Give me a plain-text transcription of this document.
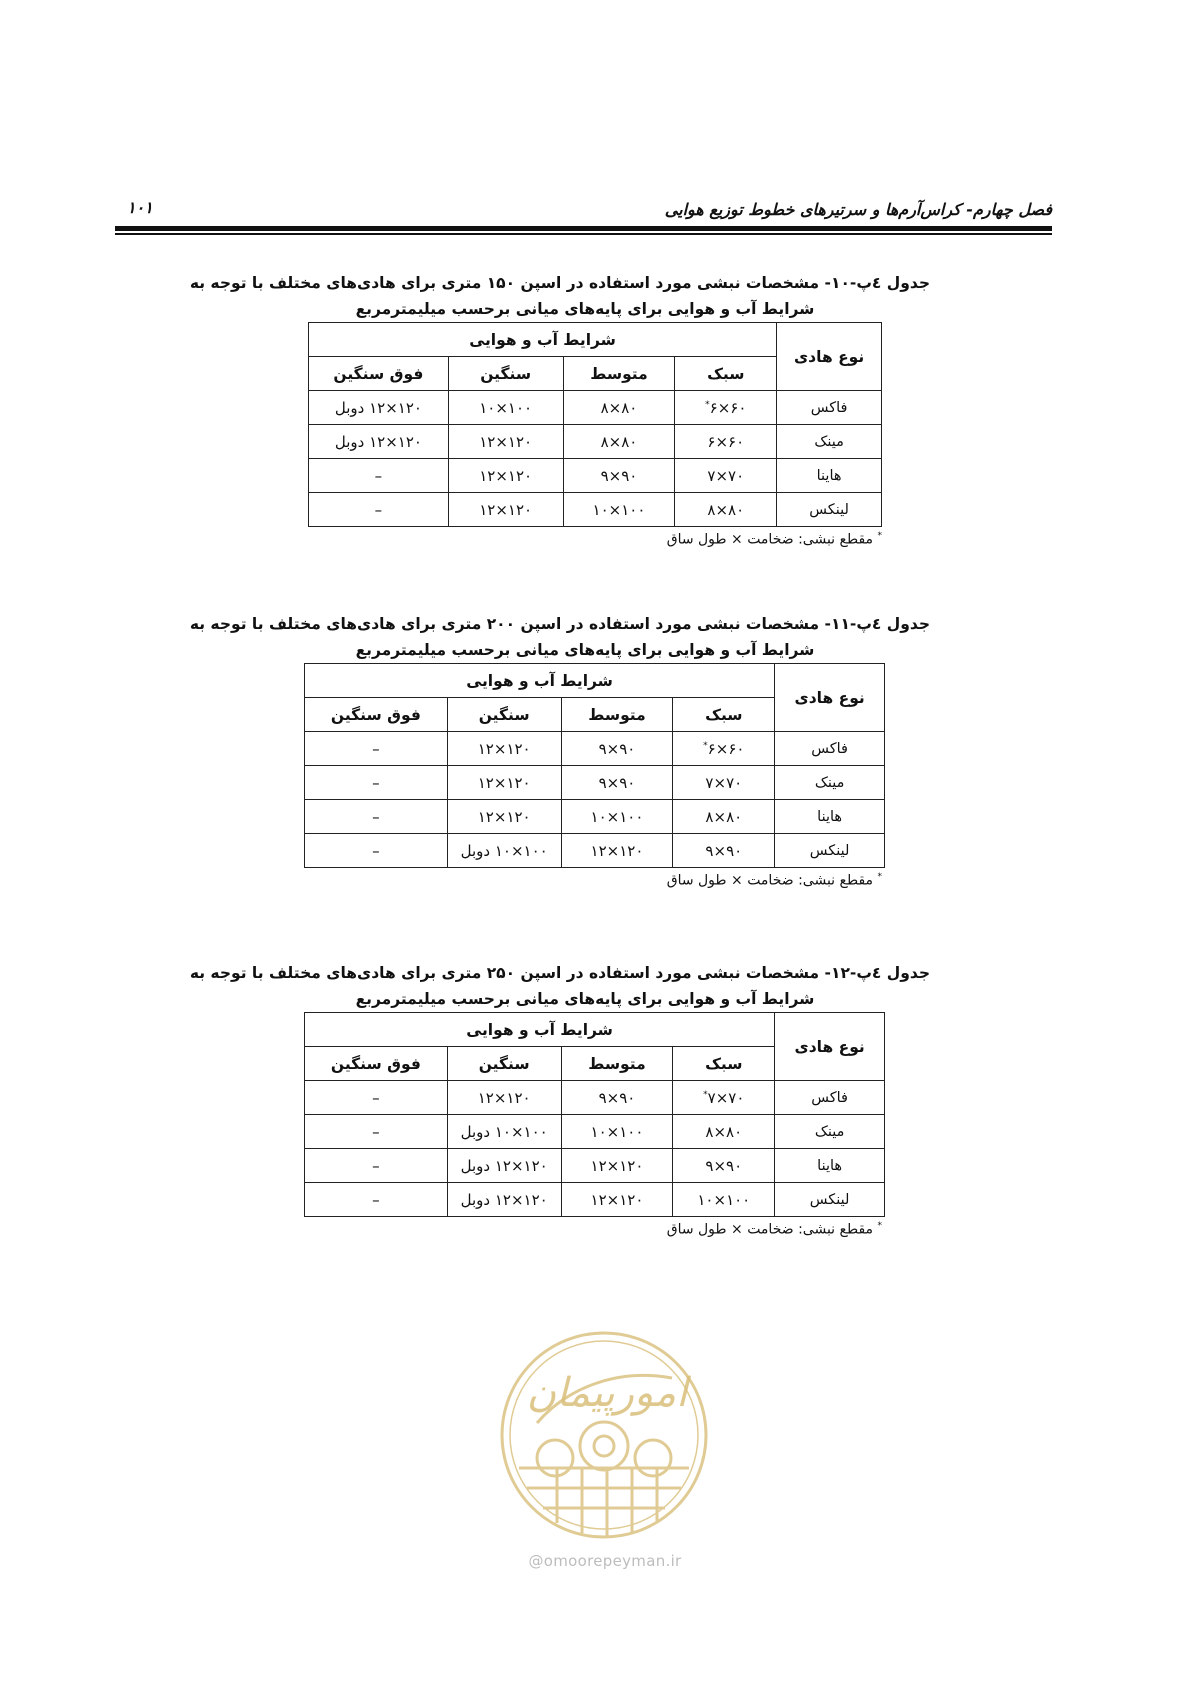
فصل چهارم- کراس‌آرم‌ها و سرتیرهای خطوط توزیع هوایی
۱۰۱
جدول ٤پ-۱۰- مشخصات نبشی مورد استفاده در اسپن ۱۵۰ متری برای هادی‌های مختلف با توجه به
شرایط آب و هوایی برای پایه‌های میانی برحسب میلیمترمربع
نوع هادی	شرایط آب و هوایی			
	سبک	متوسط	سنگین	فوق سنگین
فاکس	۶۰×۶*	۸۰×۸	۱۰۰×۱۰	۱۲۰×۱۲ دوبل
مینک	۶۰×۶	۸۰×۸	۱۲۰×۱۲	۱۲۰×۱۲ دوبل
هاینا	۷۰×۷	۹۰×۹	۱۲۰×۱۲	–
لینکس	۸۰×۸	۱۰۰×۱۰	۱۲۰×۱۲	–
* مقطع نبشی: ضخامت × طول ساق
جدول ٤پ-۱۱- مشخصات نبشی مورد استفاده در اسپن ۲۰۰ متری برای هادی‌های مختلف با توجه به
شرایط آب و هوایی برای پایه‌های میانی برحسب میلیمترمربع
نوع هادی	شرایط آب و هوایی			
	سبک	متوسط	سنگین	فوق سنگین
فاکس	۶۰×۶*	۹۰×۹	۱۲۰×۱۲	–
مینک	۷۰×۷	۹۰×۹	۱۲۰×۱۲	–
هاینا	۸۰×۸	۱۰۰×۱۰	۱۲۰×۱۲	–
لینکس	۹۰×۹	۱۲۰×۱۲	۱۰۰×۱۰ دوبل	–
* مقطع نبشی: ضخامت × طول ساق
جدول ٤پ-۱۲- مشخصات نبشی مورد استفاده در اسپن ۲۵۰ متری برای هادی‌های مختلف با توجه به
شرایط آب و هوایی برای پایه‌های میانی برحسب میلیمترمربع
نوع هادی	شرایط آب و هوایی			
	سبک	متوسط	سنگین	فوق سنگین
فاکس	۷۰×۷*	۹۰×۹	۱۲۰×۱۲	–
مینک	۸۰×۸	۱۰۰×۱۰	۱۰۰×۱۰ دوبل	–
هاینا	۹۰×۹	۱۲۰×۱۲	۱۲۰×۱۲ دوبل	–
لینکس	۱۰۰×۱۰	۱۲۰×۱۲	۱۲۰×۱۲ دوبل	–
* مقطع نبشی: ضخامت × طول ساق
امورپیمان
@omoorepeyman.ir
